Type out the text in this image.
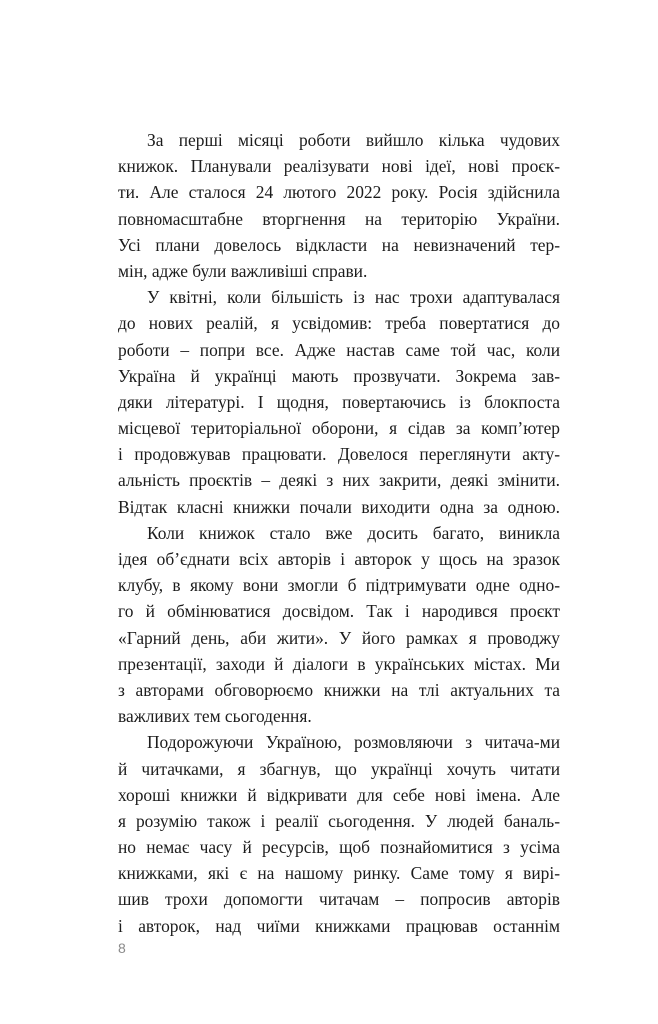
За перші місяці роботи вийшло кілька чудових
книжок. Планували реалізувати нові ідеї, нові проєк-
ти. Але сталося 24 лютого 2022 року. Росія здійснила
повномасштабне вторгнення на територію України.
Усі плани довелось відкласти на невизначений тер-
мін, адже були важливіші справи.
У квітні, коли більшість із нас трохи адаптувалася
до нових реалій, я усвідомив: треба повертатися до
роботи – попри все. Адже настав саме той час, коли
Україна й українці мають прозвучати. Зокрема зав-
дяки літературі. І щодня, повертаючись із блокпоста
місцевої територіальної оборони, я сідав за комп’ютер
і продовжував працювати. Довелося переглянути акту-
альність проєктів – деякі з них закрити, деякі змінити.
Відтак класні книжки почали виходити одна за одною.
Коли книжок стало вже досить багато, виникла
ідея об’єднати всіх авторів і авторок у щось на зразок
клубу, в якому вони змогли б підтримувати одне одно-
го й обмінюватися досвідом. Так і народився проєкт
«Гарний день, аби жити». У його рамках я проводжу
презентації, заходи й діалоги в українських містах. Ми
з авторами обговорюємо книжки на тлі актуальних та
важливих тем сьогодення.
Подорожуючи Україною, розмовляючи з читача-ми
й читачками, я збагнув, що українці хочуть читати
хороші книжки й відкривати для себе нові імена. Але
я розумію також і реалії сьогодення. У людей баналь-
но немає часу й ресурсів, щоб познайомитися з усіма
книжками, які є на нашому ринку. Саме тому я вирі-
шив трохи допомогти читачам – попросив авторів
і авторок, над чиїми книжками працював останнім
8
